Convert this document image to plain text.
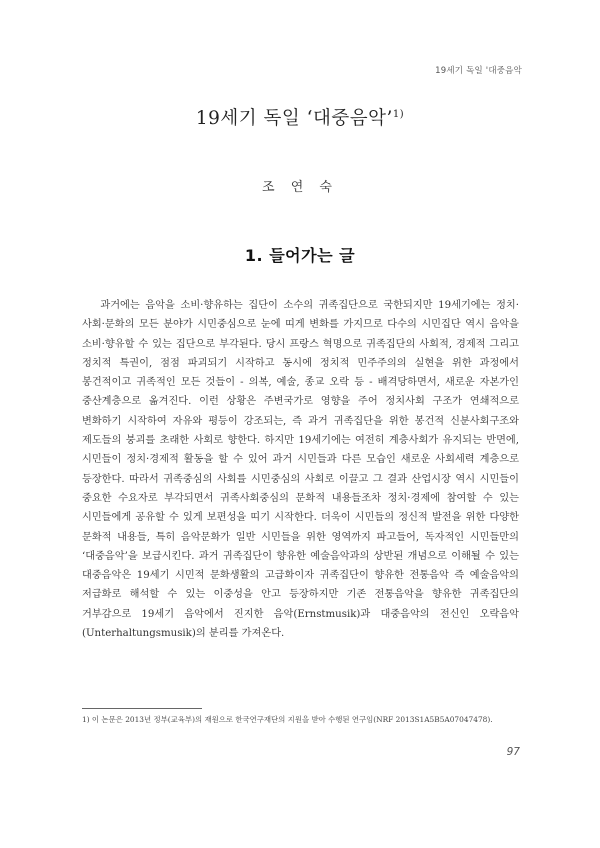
19세기 독일 '대중음악
19세기 독일 ‘대중음악’$^{1)}$
조 연 숙
1. 들어가는 글

과거에는 음악을 소비·향유하는 집단이 소수의 귀족집단으로 국한되지만 19세기에는 정치·사회·문화의 모든 분야가 시민중심으로 눈에 띠게 변화를 가지므로 다수의 시민집단 역시 음악을 소비·향유할 수 있는 집단으로 부각된다. 당시 프랑스 혁명으로 귀족집단의 사회적, 경제적 그리고 정치적 특권이, 점점 파괴되기 시작하고 동시에 정치적 민주주의의 실현을 위한 과정에서 봉건적이고 귀족적인 모든 것들이 - 의복, 예술, 종교 오락 등 - 배격당하면서, 새로운 자본가인 중산계층으로 옮겨진다. 이런 상황은 주변국가로 영향을 주어 정치사회 구조가 연쇄적으로 변화하기 시작하여 자유와 평등이 강조되는, 즉 과거 귀족집단을 위한 봉건적 신분사회구조와 제도들의 붕괴를 초래한 사회로 향한다. 하지만 19세기에는 여전히 계층사회가 유지되는 반면에, 시민들이 정치·경제적 활동을 할 수 있어 과거 시민들과 다른 모습인 새로운 사회세력 계층으로 등장한다. 따라서 귀족중심의 사회를 시민중심의 사회로 이끌고 그 결과 산업시장 역시 시민들이 중요한 수요자로 부각되면서 귀족사회중심의 문화적 내용들조차 정치·경제에 참여할 수 있는 시민들에게 공유할 수 있게 보편성을 띠기 시작한다. 더욱이 시민들의 정신적 발전을 위한 다양한 문화적 내용들, 특히 음악문화가 일반 시민들을 위한 영역까지 파고들어, 독자적인 시민들만의 ‘대중음악’을 보급시킨다. 과거 귀족집단이 향유한 예술음악과의 상반된 개념으로 이해될 수 있는 대중음악은 19세기 시민적 문화생활의 고급화이자 귀족집단이 향유한 전통음악 즉 예술음악의 저급화로 해석할 수 있는 이중성을 안고 등장하지만 기존 전통음악을 향유한 귀족집단의 거부감으로 19세기 음악에서 진지한 음악(Ernstmusik)과 대중음악의 전신인 오락음악(Unterhaltungsmusik)의 분리를 가져온다.

1) 이 논문은 2013년 정부(교육부)의 재원으로 한국연구재단의 지원을 받아 수행된 연구임(NRF 2013S1A5B5A07047478).
97
